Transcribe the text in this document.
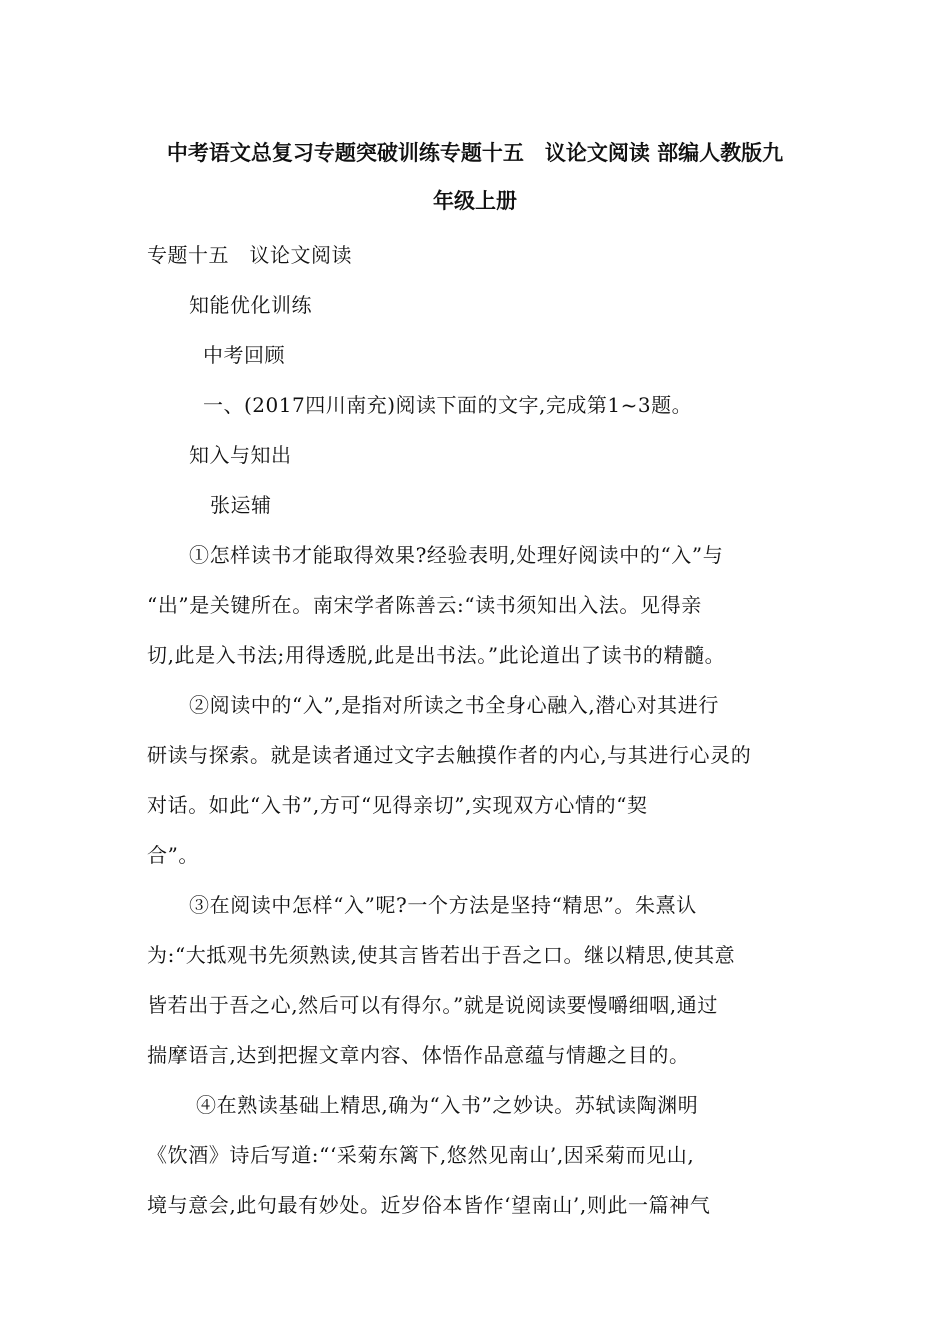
中考语文总复习专题突破训练专题十五　议论文阅读 部编人教版九
年级上册
专题十五　议论文阅读
知能优化训练
中考回顾
一、(2017四川南充)阅读下面的文字,完成第1~3题。
知入与知出
张运辅
①怎样读书才能取得效果?经验表明,处理好阅读中的“入”与
“出”是关键所在。南宋学者陈善云:“读书须知出入法。见得亲
切,此是入书法;用得透脱,此是出书法。”此论道出了读书的精髓。
②阅读中的“入”,是指对所读之书全身心融入,潜心对其进行
研读与探索。就是读者通过文字去触摸作者的内心,与其进行心灵的
对话。如此“入书”,方可“见得亲切”,实现双方心情的“契
合”。
③在阅读中怎样“入”呢?一个方法是坚持“精思”。朱熹认
为:“大抵观书先须熟读,使其言皆若出于吾之口。继以精思,使其意
皆若出于吾之心,然后可以有得尔。”就是说阅读要慢嚼细咽,通过
揣摩语言,达到把握文章内容、体悟作品意蕴与情趣之目的。
④在熟读基础上精思,确为“入书”之妙诀。苏轼读陶渊明
《饮酒》诗后写道:“‘采菊东篱下,悠然见南山’,因采菊而见山,
境与意会,此句最有妙处。近岁俗本皆作‘望南山’,则此一篇神气
